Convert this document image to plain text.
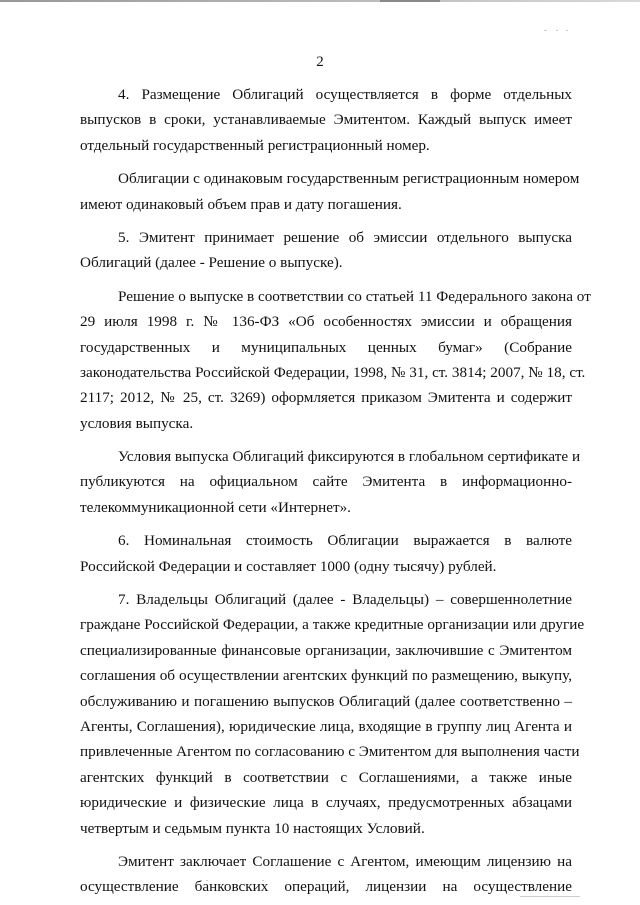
2
4. Размещение Облигаций осуществляется в форме отдельных
выпусков в сроки, устанавливаемые Эмитентом. Каждый выпуск имеет
отдельный государственный регистрационный номер.
Облигации с одинаковым государственным регистрационным номером
имеют одинаковый объем прав и дату погашения.
5. Эмитент принимает решение об эмиссии отдельного выпуска
Облигаций (далее - Решение о выпуске).
Решение о выпуске в соответствии со статьей 11 Федерального закона от
29 июля 1998 г. № 136-ФЗ «Об особенностях эмиссии и обращения
государственных и муниципальных ценных бумаг» (Собрание
законодательства Российской Федерации, 1998, № 31, ст. 3814; 2007, № 18, ст.
2117; 2012, № 25, ст. 3269) оформляется приказом Эмитента и содержит
условия выпуска.
Условия выпуска Облигаций фиксируются в глобальном сертификате и
публикуются на официальном сайте Эмитента в информационно-
телекоммуникационной сети «Интернет».
6. Номинальная стоимость Облигации выражается в валюте
Российской Федерации и составляет 1000 (одну тысячу) рублей.
7. Владельцы Облигаций (далее - Владельцы) – совершеннолетние
граждане Российской Федерации, а также кредитные организации или другие
специализированные финансовые организации, заключившие с Эмитентом
соглашения об осуществлении агентских функций по размещению, выкупу,
обслуживанию и погашению выпусков Облигаций (далее соответственно –
Агенты, Соглашения), юридические лица, входящие в группу лиц Агента и
привлеченные Агентом по согласованию с Эмитентом для выполнения части
агентских функций в соответствии с Соглашениями, а также иные
юридические и физические лица в случаях, предусмотренных абзацами
четвертым и седьмым пункта 10 настоящих Условий.
Эмитент заключает Соглашение с Агентом, имеющим лицензию на
осуществление банковских операций, лицензии на осуществление
